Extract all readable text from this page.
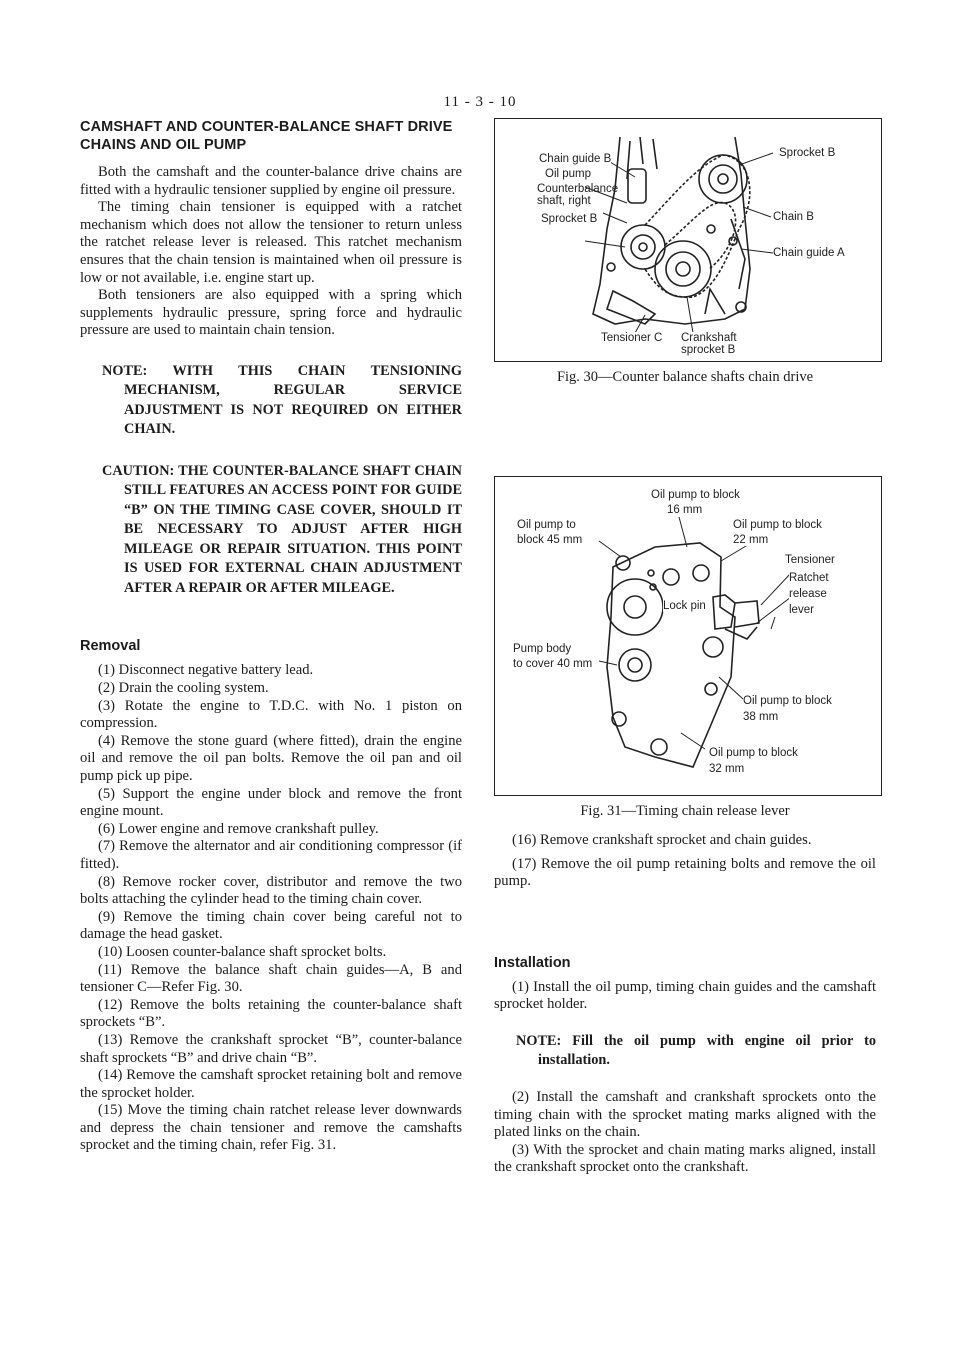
11 - 3 - 10
CAMSHAFT AND COUNTER-BALANCE SHAFT DRIVE CHAINS AND OIL PUMP

Both the camshaft and the counter-balance drive chains are fitted with a hydraulic tensioner supplied by engine oil pressure.

The timing chain tensioner is equipped with a ratchet mechanism which does not allow the tensioner to return unless the ratchet release lever is released. This ratchet mechanism ensures that the chain tension is maintained when oil pressure is low or not available, i.e. engine start up.

Both tensioners are also equipped with a spring which supplements hydraulic pressure, spring force and hydraulic pressure are used to maintain chain tension.

NOTE: WITH THIS CHAIN TENSIONING MECHANISM, REGULAR SERVICE ADJUSTMENT IS NOT REQUIRED ON EITHER CHAIN.

CAUTION: THE COUNTER-BALANCE SHAFT CHAIN STILL FEATURES AN ACCESS POINT FOR GUIDE “B” ON THE TIMING CASE COVER, SHOULD IT BE NECESSARY TO ADJUST AFTER HIGH MILEAGE OR REPAIR SITUATION. THIS POINT IS USED FOR EXTERNAL CHAIN ADJUSTMENT AFTER A REPAIR OR AFTER MILEAGE.

Removal

(1) Disconnect negative battery lead.

(2) Drain the cooling system.

(3) Rotate the engine to T.D.C. with No. 1 piston on compression.

(4) Remove the stone guard (where fitted), drain the engine oil and remove the oil pan bolts. Remove the oil pan and oil pump pick up pipe.

(5) Support the engine under block and remove the front engine mount.

(6) Lower engine and remove crankshaft pulley.

(7) Remove the alternator and air conditioning compressor (if fitted).

(8) Remove rocker cover, distributor and remove the two bolts attaching the cylinder head to the timing chain cover.

(9) Remove the timing chain cover being careful not to damage the head gasket.

(10) Loosen counter-balance shaft sprocket bolts.

(11) Remove the balance shaft chain guides—A, B and tensioner C—Refer Fig. 30.

(12) Remove the bolts retaining the counter-balance shaft sprockets “B”.

(13) Remove the crankshaft sprocket “B”, counter-balance shaft sprockets “B” and drive chain “B”.

(14) Remove the camshaft sprocket retaining bolt and remove the sprocket holder.

(15) Move the timing chain ratchet release lever downwards and depress the chain tensioner and remove the camshafts sprocket and the timing chain, refer Fig. 31.

Sprocket B
Chain guide B
Oil pump
Counterbalance
shaft, right
Sprocket B	Chain B
Chain guide A
Tensioner C Crankshaft
sprocket B

Fig. 30—Counter balance shafts chain drive

Oil pump to block
16 mm
Oil pump to
block 45 mm
Oil pump to block
22 mm
Tensioner
Ratchet
release
lever
Lock pin
Pump body
to cover 40 mm
Oil pump to block
38 mm
Oil pump to block
32 mm

Fig. 31—Timing chain release lever

(16) Remove crankshaft sprocket and chain guides.

(17) Remove the oil pump retaining bolts and remove the oil pump.

Installation

(1) Install the oil pump, timing chain guides and the camshaft sprocket holder.

NOTE: Fill the oil pump with engine oil prior to installation.

(2) Install the camshaft and crankshaft sprockets onto the timing chain with the sprocket mating marks aligned with the plated links on the chain.

(3) With the sprocket and chain mating marks aligned, install the crankshaft sprocket onto the crankshaft.
